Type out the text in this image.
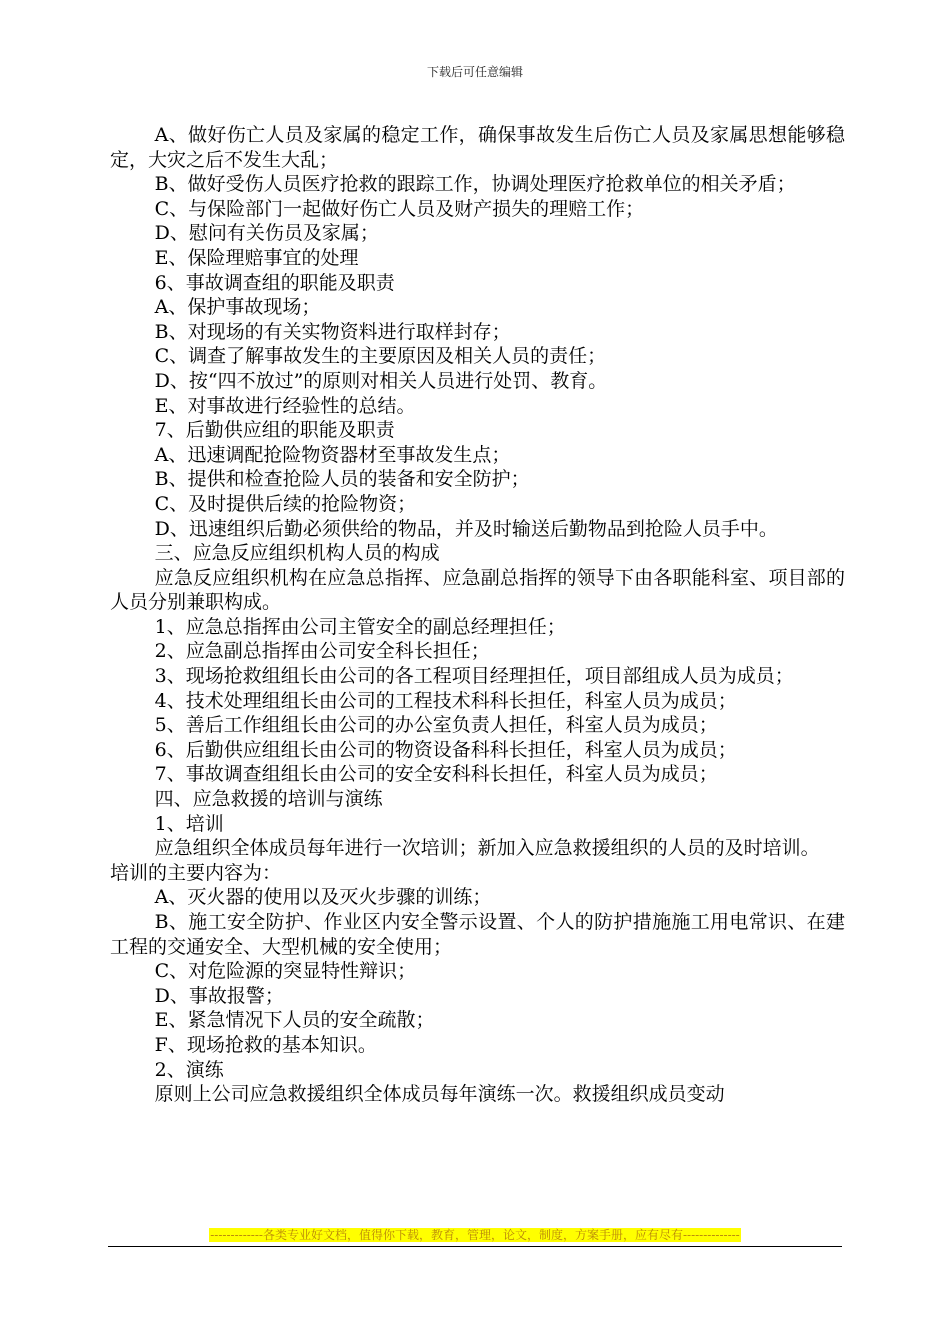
下载后可任意编辑

A、做好伤亡人员及家属的稳定工作，确保事故发生后伤亡人员及家属思想能够稳定，大灾之后不发生大乱；

B、做好受伤人员医疗抢救的跟踪工作，协调处理医疗抢救单位的相关矛盾；

C、与保险部门一起做好伤亡人员及财产损失的理赔工作；

D、慰问有关伤员及家属；

E、保险理赔事宜的处理

6、事故调查组的职能及职责

A、保护事故现场；

B、对现场的有关实物资料进行取样封存；

C、调查了解事故发生的主要原因及相关人员的责任；

D、按“四不放过”的原则对相关人员进行处罚、教育。

E、对事故进行经验性的总结。

7、后勤供应组的职能及职责

A、迅速调配抢险物资器材至事故发生点；

B、提供和检查抢险人员的装备和安全防护；

C、及时提供后续的抢险物资；

D、迅速组织后勤必须供给的物品，并及时输送后勤物品到抢险人员手中。

三、应急反应组织机构人员的构成

应急反应组织机构在应急总指挥、应急副总指挥的领导下由各职能科室、项目部的人员分别兼职构成。

1、应急总指挥由公司主管安全的副总经理担任；

2、应急副总指挥由公司安全科长担任；

3、现场抢救组组长由公司的各工程项目经理担任，项目部组成人员为成员；

4、技术处理组组长由公司的工程技术科科长担任，科室人员为成员；

5、善后工作组组长由公司的办公室负责人担任，科室人员为成员；

6、后勤供应组组长由公司的物资设备科科长担任，科室人员为成员；

7、事故调查组组长由公司的安全安科科长担任，科室人员为成员；

四、应急救援的培训与演练

1、培训

应急组织全体成员每年进行一次培训；新加入应急救援组织的人员的及时培训。

培训的主要内容为：

A、灭火器的使用以及灭火步骤的训练；

B、施工安全防护、作业区内安全警示设置、个人的防护措施施工用电常识、在建工程的交通安全、大型机械的安全使用；

C、对危险源的突显特性辩识；

D、事故报警；

E、紧急情况下人员的安全疏散；

F、现场抢救的基本知识。

2、演练

原则上公司应急救援组织全体成员每年演练一次。救援组织成员变动

-------------各类专业好文档，值得你下载，教育，管理，论文，制度，方案手册，应有尽有--------------
